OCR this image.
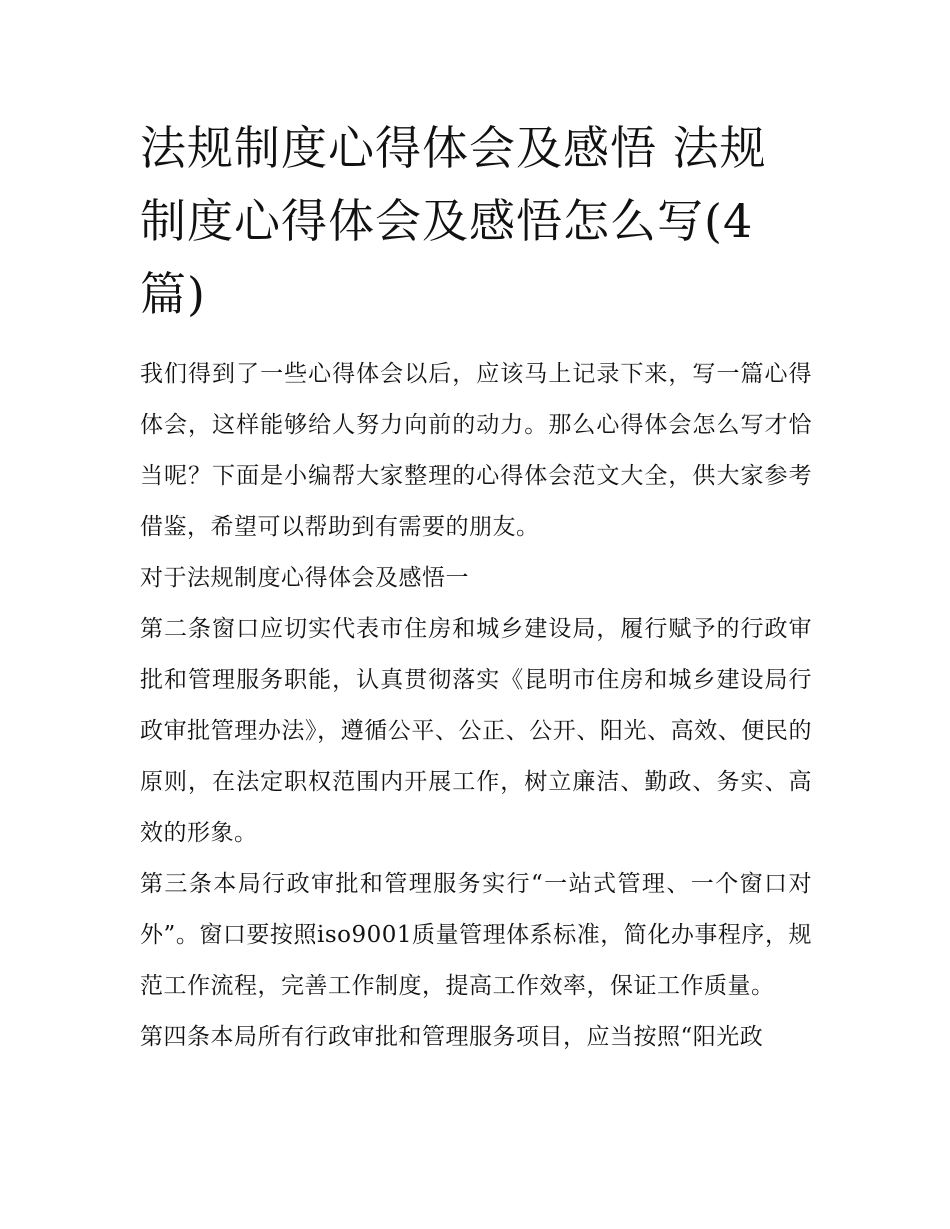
法规制度心得体会及感悟 法规制度心得体会及感悟怎么写(4篇)

我们得到了一些心得体会以后，应该马上记录下来，写一篇心得体会，这样能够给人努力向前的动力。那么心得体会怎么写才恰当呢？下面是小编帮大家整理的心得体会范文大全，供大家参考借鉴，希望可以帮助到有需要的朋友。

对于法规制度心得体会及感悟一

第二条窗口应切实代表市住房和城乡建设局，履行赋予的行政审批和管理服务职能，认真贯彻落实《昆明市住房和城乡建设局行政审批管理办法》，遵循公平、公正、公开、阳光、高效、便民的原则，在法定职权范围内开展工作，树立廉洁、勤政、务实、高效的形象。

第三条本局行政审批和管理服务实行“一站式管理、一个窗口对外”。窗口要按照iso9001质量管理体系标准，简化办事程序，规范工作流程，完善工作制度，提高工作效率，保证工作质量。

第四条本局所有行政审批和管理服务项目，应当按照“阳光政
